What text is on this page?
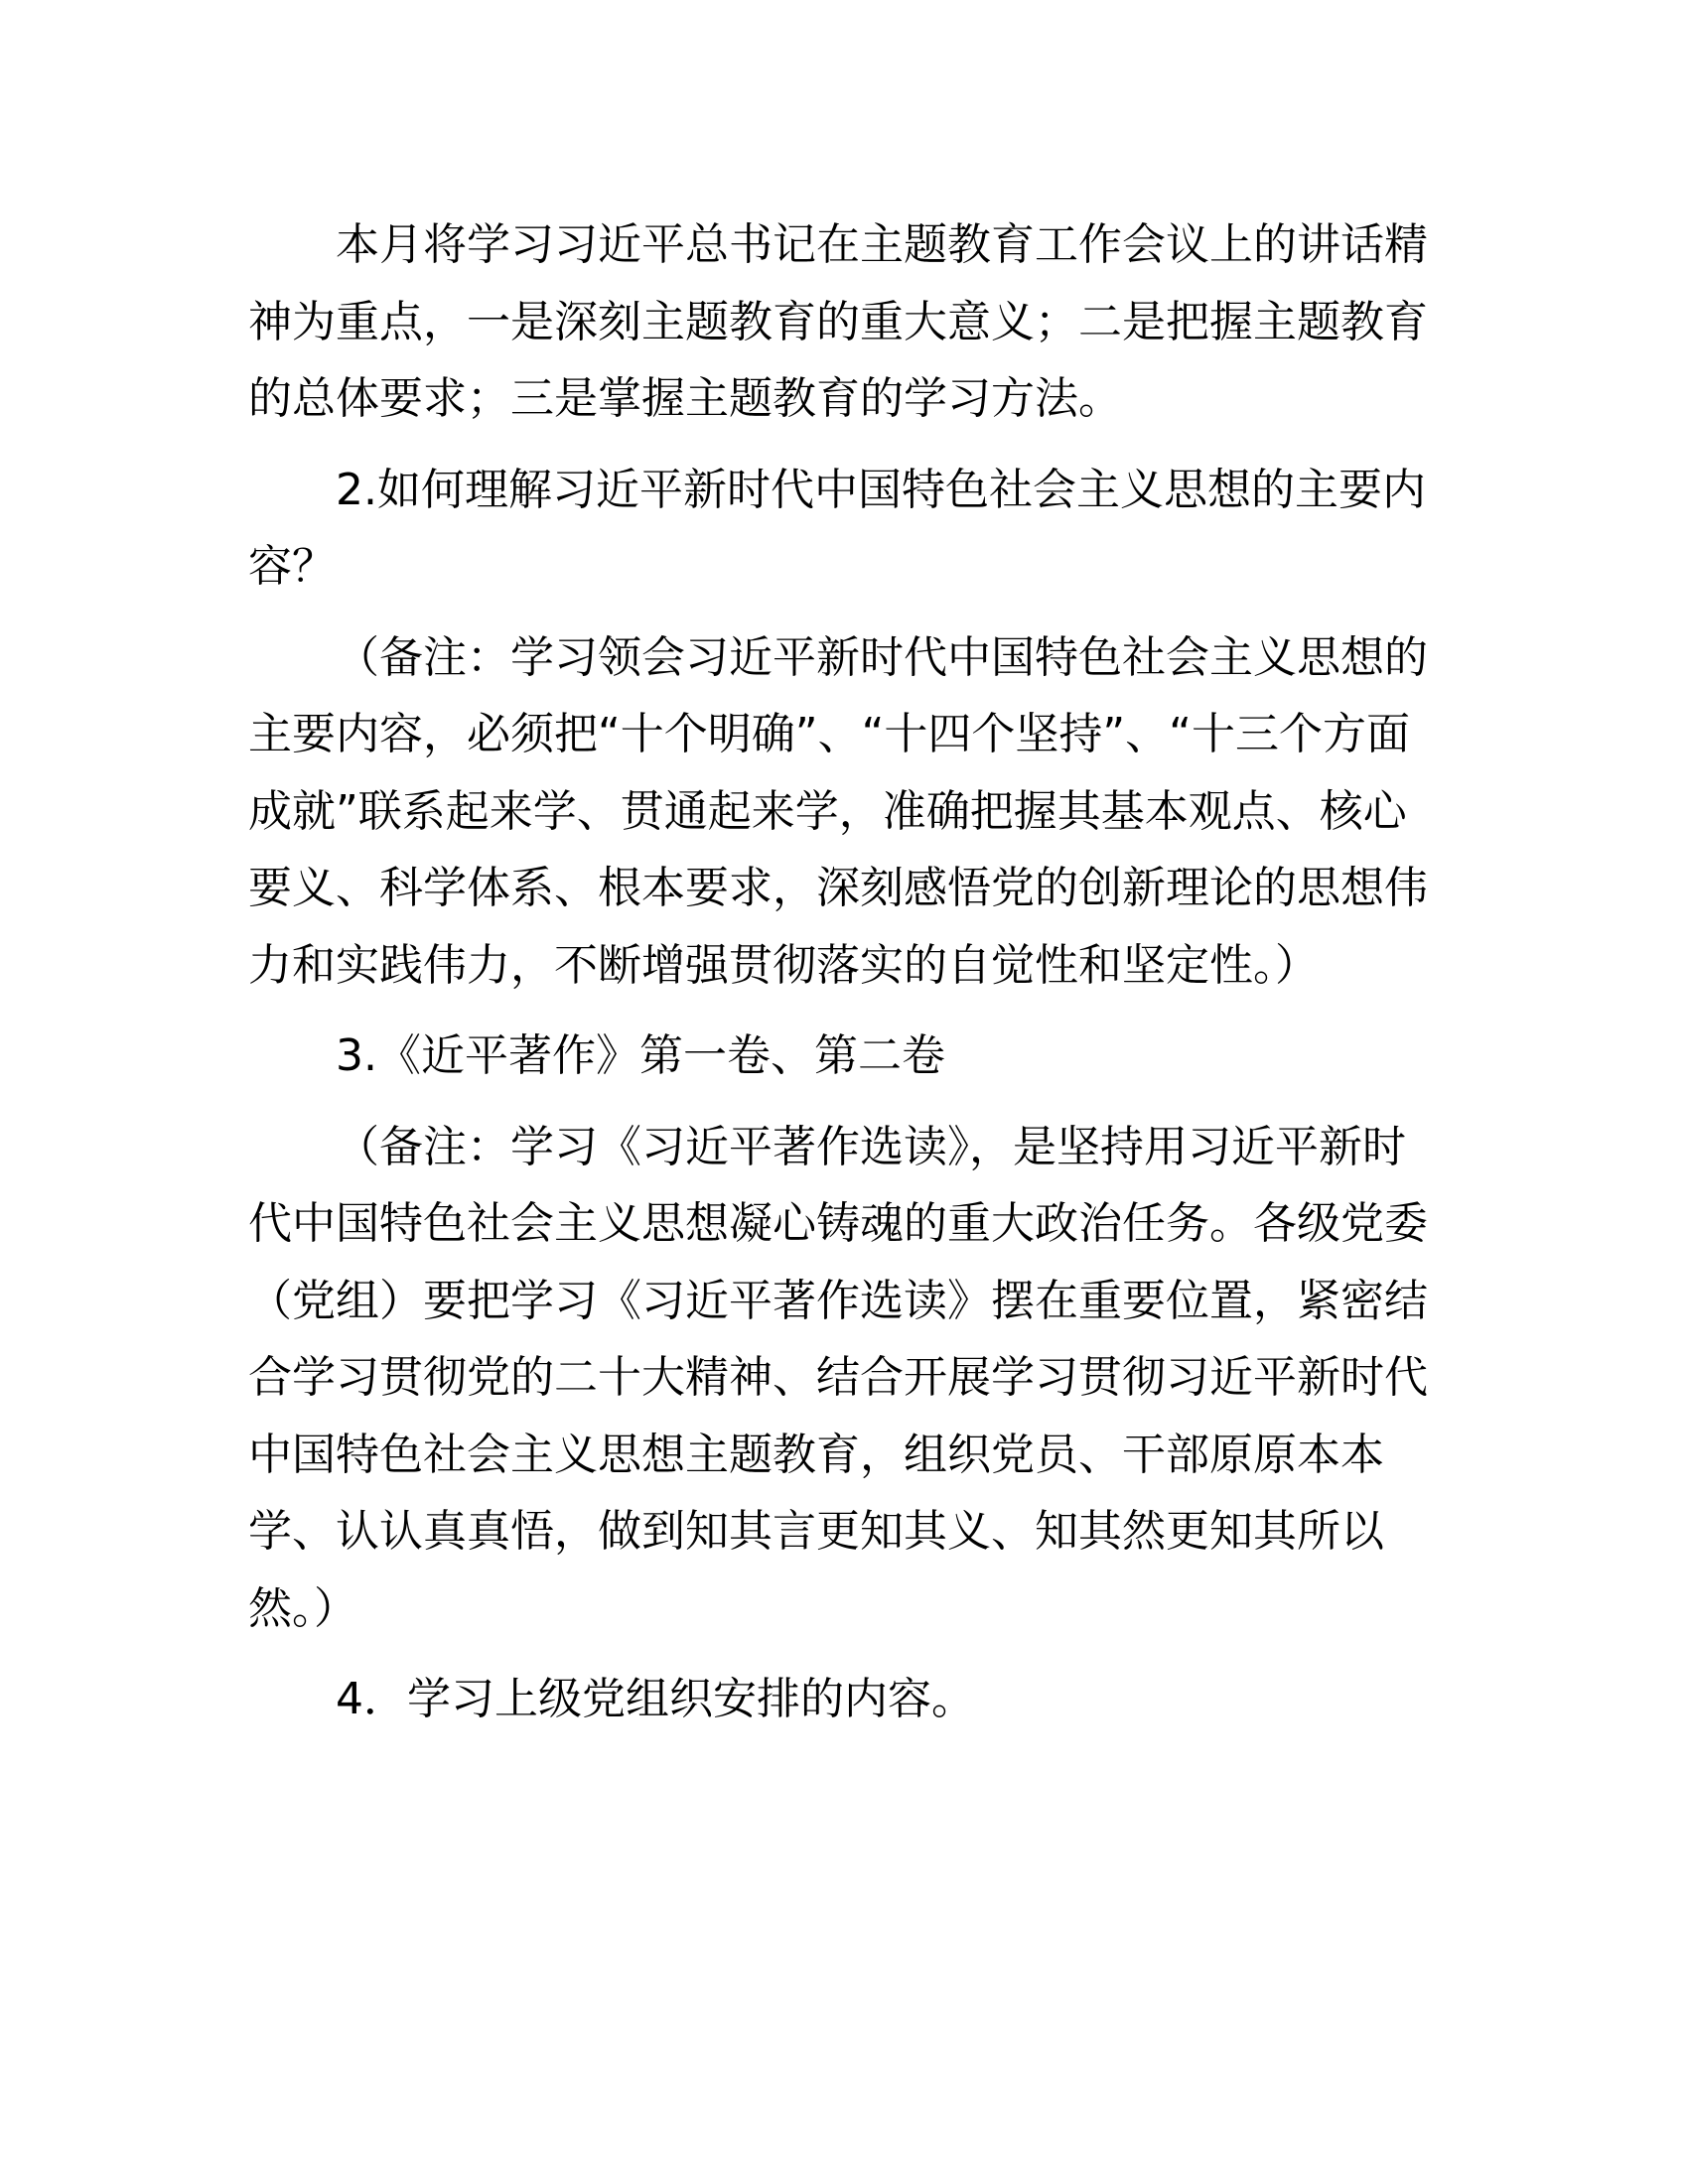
本月将学习习近平总书记在主题教育工作会议上的讲话精
神为重点，一是深刻主题教育的重大意义；二是把握主题教育
的总体要求；三是掌握主题教育的学习方法。
2.如何理解习近平新时代中国特色社会主义思想的主要内
容？
（备注：学习领会习近平新时代中国特色社会主义思想的
主要内容，必须把“十个明确”、“十四个坚持”、“十三个方面
成就”联系起来学、贯通起来学，准确把握其基本观点、核心
要义、科学体系、根本要求，深刻感悟党的创新理论的思想伟
力和实践伟力，不断增强贯彻落实的自觉性和坚定性。）
3.《近平著作》第一卷、第二卷
（备注：学习《习近平著作选读》，是坚持用习近平新时
代中国特色社会主义思想凝心铸魂的重大政治任务。各级党委
（党组）要把学习《习近平著作选读》摆在重要位置，紧密结
合学习贯彻党的二十大精神、结合开展学习贯彻习近平新时代
中国特色社会主义思想主题教育，组织党员、干部原原本本
学、认认真真悟，做到知其言更知其义、知其然更知其所以
然。）
4．学习上级党组织安排的内容。
